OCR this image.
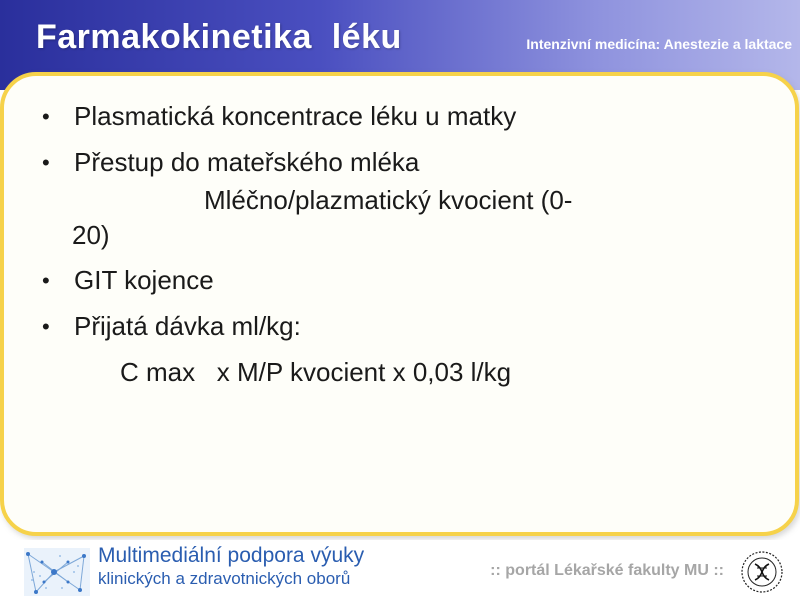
Farmakokinetika  léku	Intenzivní medicína: Anestezie a laktace
• Plasmatická koncentrace léku u matky
• Přestup do mateřského mléka
Mléčno/plazmatický kvocient (0-
20)
• GIT kojence
• Přijatá dávka ml/kg:
C max   x M/P kvocient x 0,03 l/kg
Multimediální podpora výuky
klinických a zdravotnických oborů	:: portál Lékařské fakulty MU ::
